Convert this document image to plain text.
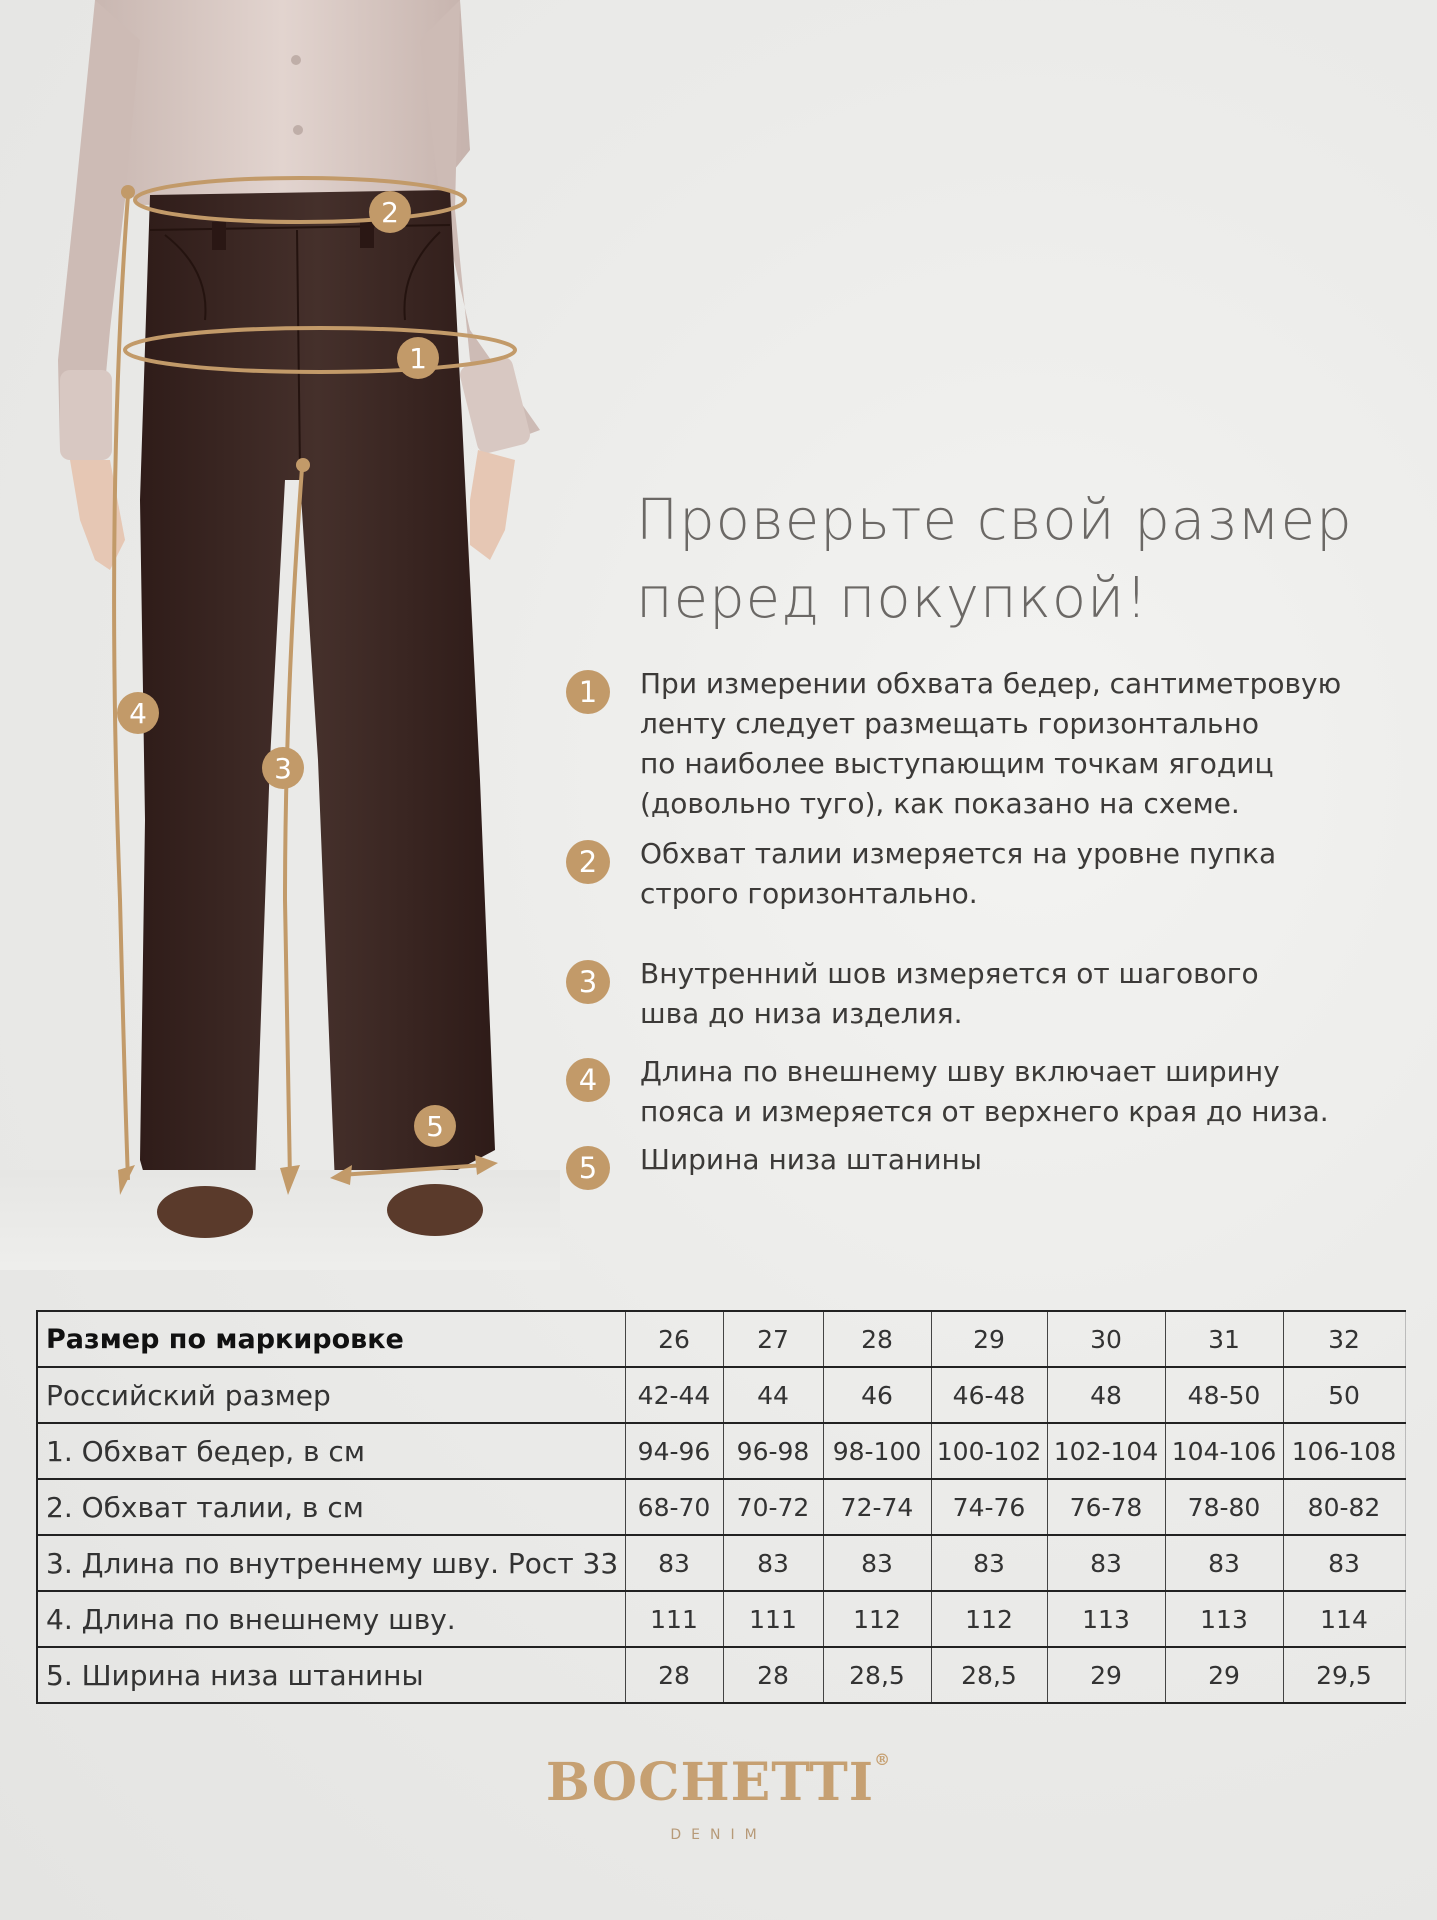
2
1
4
3
5
Проверьте свой размер
перед покупкой!
1	При измерении обхвата бедер, сантиметровую
ленту следует размещать горизонтально
по наиболее выступающим точкам ягодиц
(довольно туго), как показано на схеме.
2	Обхват талии измеряется на уровне пупка
строго горизонтально.
3	Внутренний шов измеряется от шагового
шва до низа изделия.
4	Длина по внешнему шву включает ширину
пояса и измеряется от верхнего края до низа.
5	Ширина низа штанины
Размер по маркировке	26	27	28	29	30	31	32
Российский размер	42-44	44	46	46-48	48	48-50	50
1. Обхват бедер, в см	94-96	96-98	98-100	100-102	102-104	104-106	106-108
2. Обхват талии, в см	68-70	70-72	72-74	74-76	76-78	78-80	80-82
3. Длина по внутреннему шву. Рост 33	83	83	83	83	83	83	83
4. Длина по внешнему шву.	111	111	112	112	113	113	114
5. Ширина низа штанины	28	28	28,5	28,5	29	29	29,5
BOCHETTI®
DENIM
